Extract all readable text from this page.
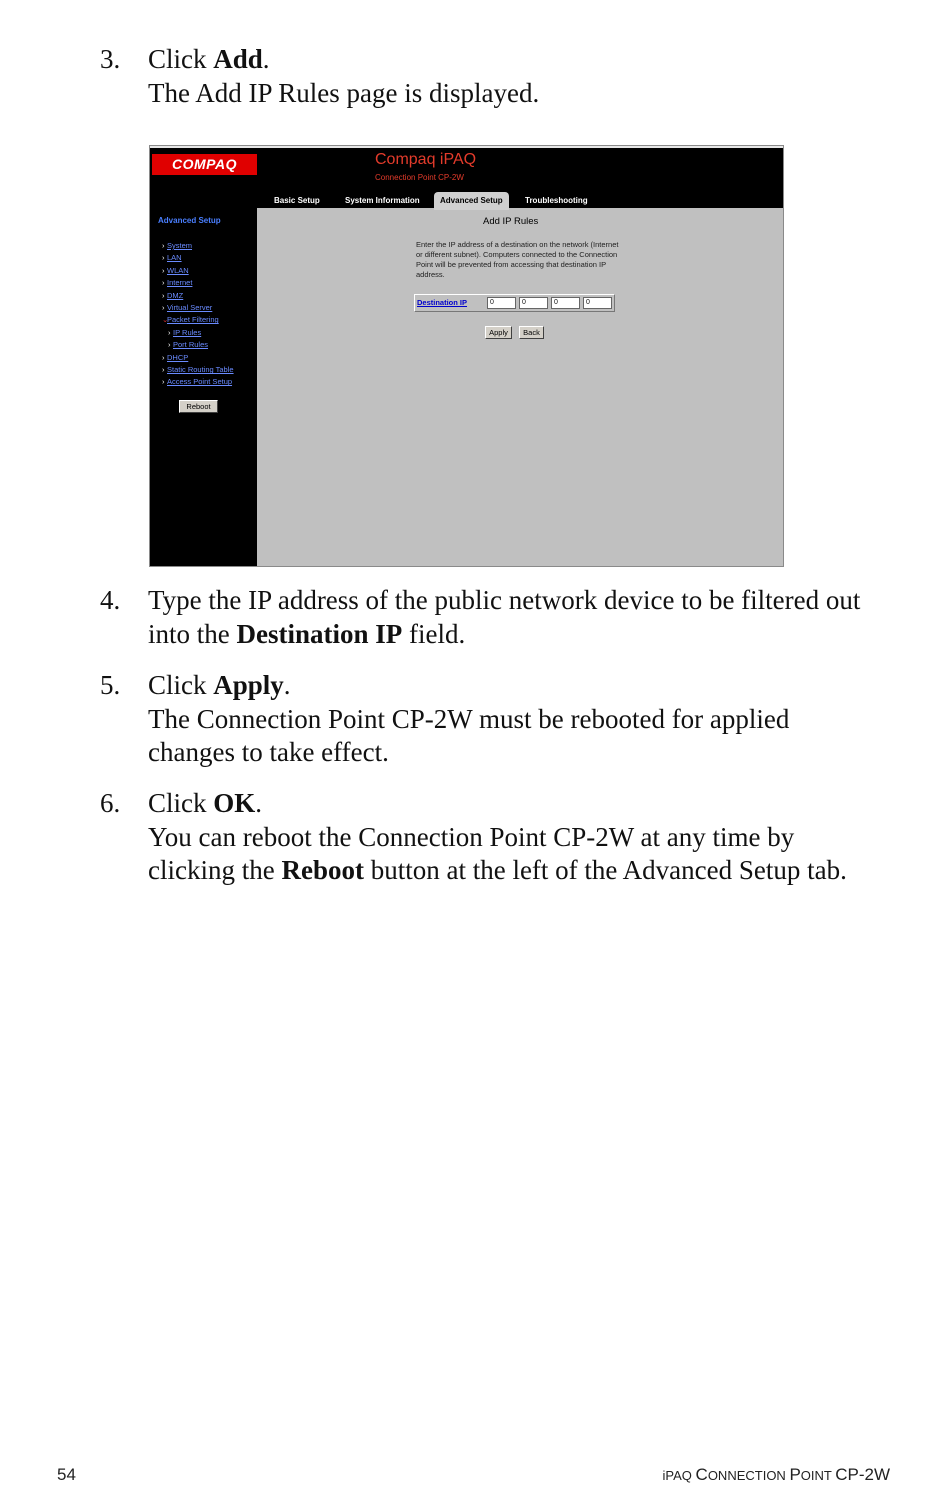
3. Click Add.
The Add IP Rules page is displayed.
COMPAQ	Compaq iPAQ
Connection Point CP-2W
Basic Setup	System Information	Advanced Setup	Troubleshooting
Advanced Setup
› System
› LAN
› WLAN
› Internet
› DMZ
› Virtual Server
⌄ Packet Filtering
› IP Rules
› Port Rules
› DHCP
› Static Routing Table
› Access Point Setup
Reboot
Add IP Rules
Enter the IP address of a destination on the network (Internet or different subnet). Computers connected to the Connection Point will be prevented from accessing that destination IP address.
Destination IP	0	0	0	0
Apply	Back
4. Type the IP address of the public network device to be filtered out
into the Destination IP field.
5. Click Apply.
The Connection Point CP-2W must be rebooted for applied
changes to take effect.
6. Click OK.
You can reboot the Connection Point CP-2W at any time by
clicking the Reboot button at the left of the Advanced Setup tab.
54	iPAQ CONNECTION POINT CP-2W
